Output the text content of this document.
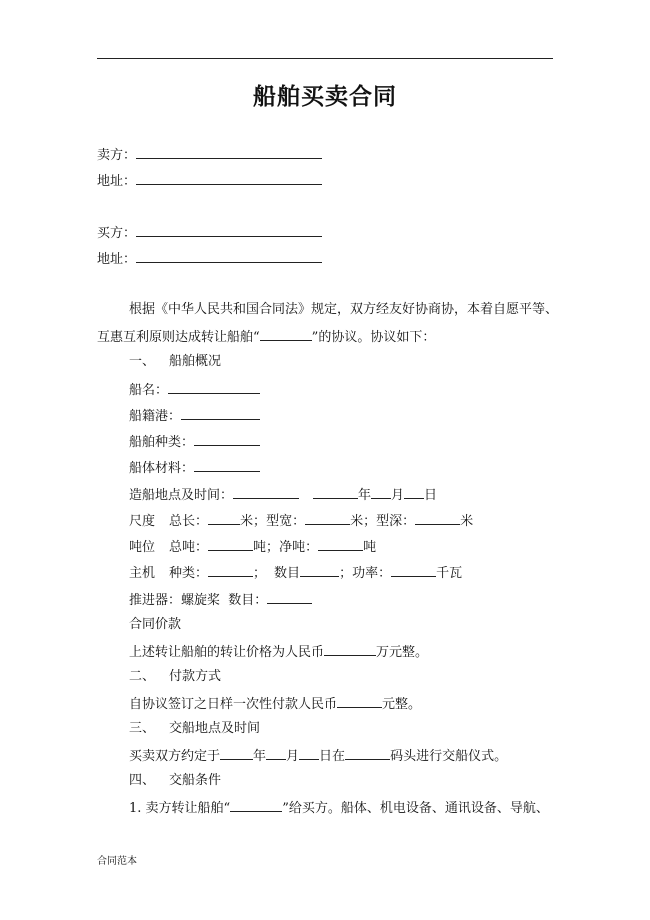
船舶买卖合同
卖方：
地址：
买方：
地址：
根据《中华人民共和国合同法》规定，双方经友好协商协，本着自愿平等、
互惠互利原则达成转让船舶“	”的协议。协议如下：
一、 船舶概况
船名：
船籍港：
船舶种类：
船体材料：
造船地点及时间：	年 月 日
尺度 总长： 米；型宽：	米；型深：	米
吨位 总吨：	吨；净吨：	吨
主机 种类：	； 数目	；功率：	千瓦
推进器：螺旋桨  数目：
合同价款
上述转让船舶的转让价格为人民币	万元整。
二、 付款方式
自协议签订之日样一次性付款人民币	元整。
三、 交船地点及时间
买卖双方约定于	年 月 日在	码头进行交船仪式。
四、 交船条件
1. 卖方转让船舶“	”给买方。船体、机电设备、通讯设备、导航、
合同范本
